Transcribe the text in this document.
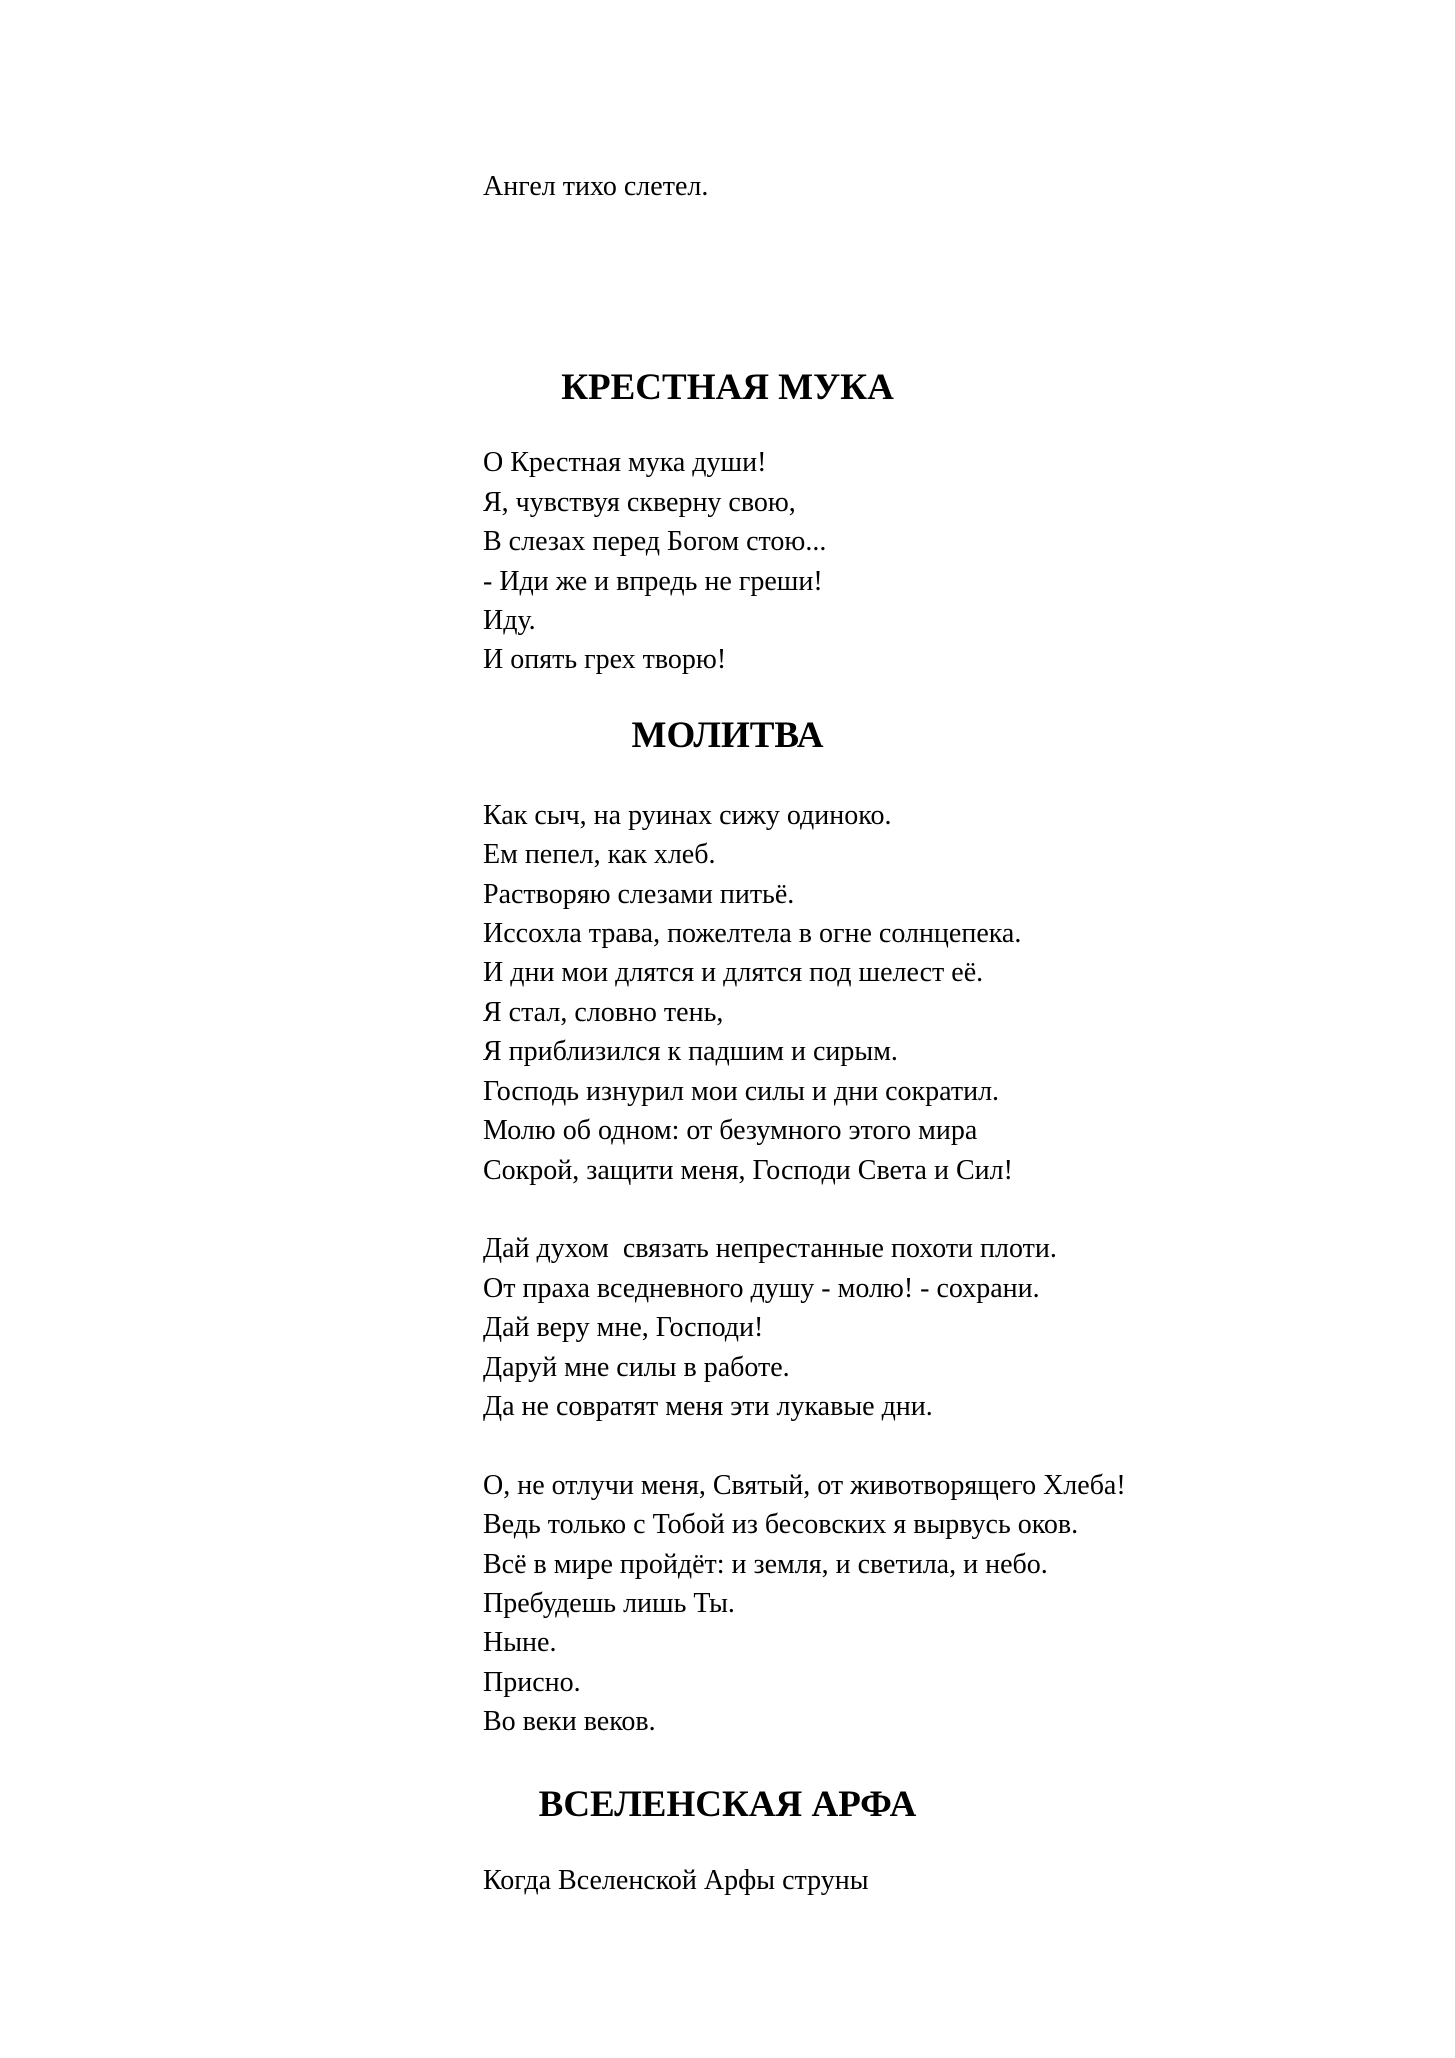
Ангел тихо слетел.
КРЕСТНАЯ МУКА
О Крестная мука души!
Я, чувствуя скверну свою,
В слезах перед Богом стою...
- Иди же и впредь не греши!
Иду.
И опять грех творю!
МОЛИТВА
Как сыч, на руинах сижу одиноко.
Ем пепел, как хлеб.
Растворяю слезами питьё.
Иссохла трава, пожелтела в огне солнцепека.
И дни мои длятся и длятся под шелест её.
Я стал, словно тень,
Я приблизился к падшим и сирым.
Господь изнурил мои силы и дни сократил.
Молю об одном: от безумного этого мира
Сокрой, защити меня, Господи Света и Сил!
Дай духом  связать непрестанные похоти плоти.
От праха вседневного душу - молю! - сохрани.
Дай веру мне, Господи!
Даруй мне силы в работе.
Да не совратят меня эти лукавые дни.
О, не отлучи меня, Святый, от животворящего Хлеба!
Ведь только с Тобой из бесовских я вырвусь оков.
Всё в мире пройдёт: и земля, и светила, и небо.
Пребудешь лишь Ты.
Ныне.
Присно.
Во веки веков.
ВСЕЛЕНСКАЯ АРФА
Когда Вселенской Арфы струны
